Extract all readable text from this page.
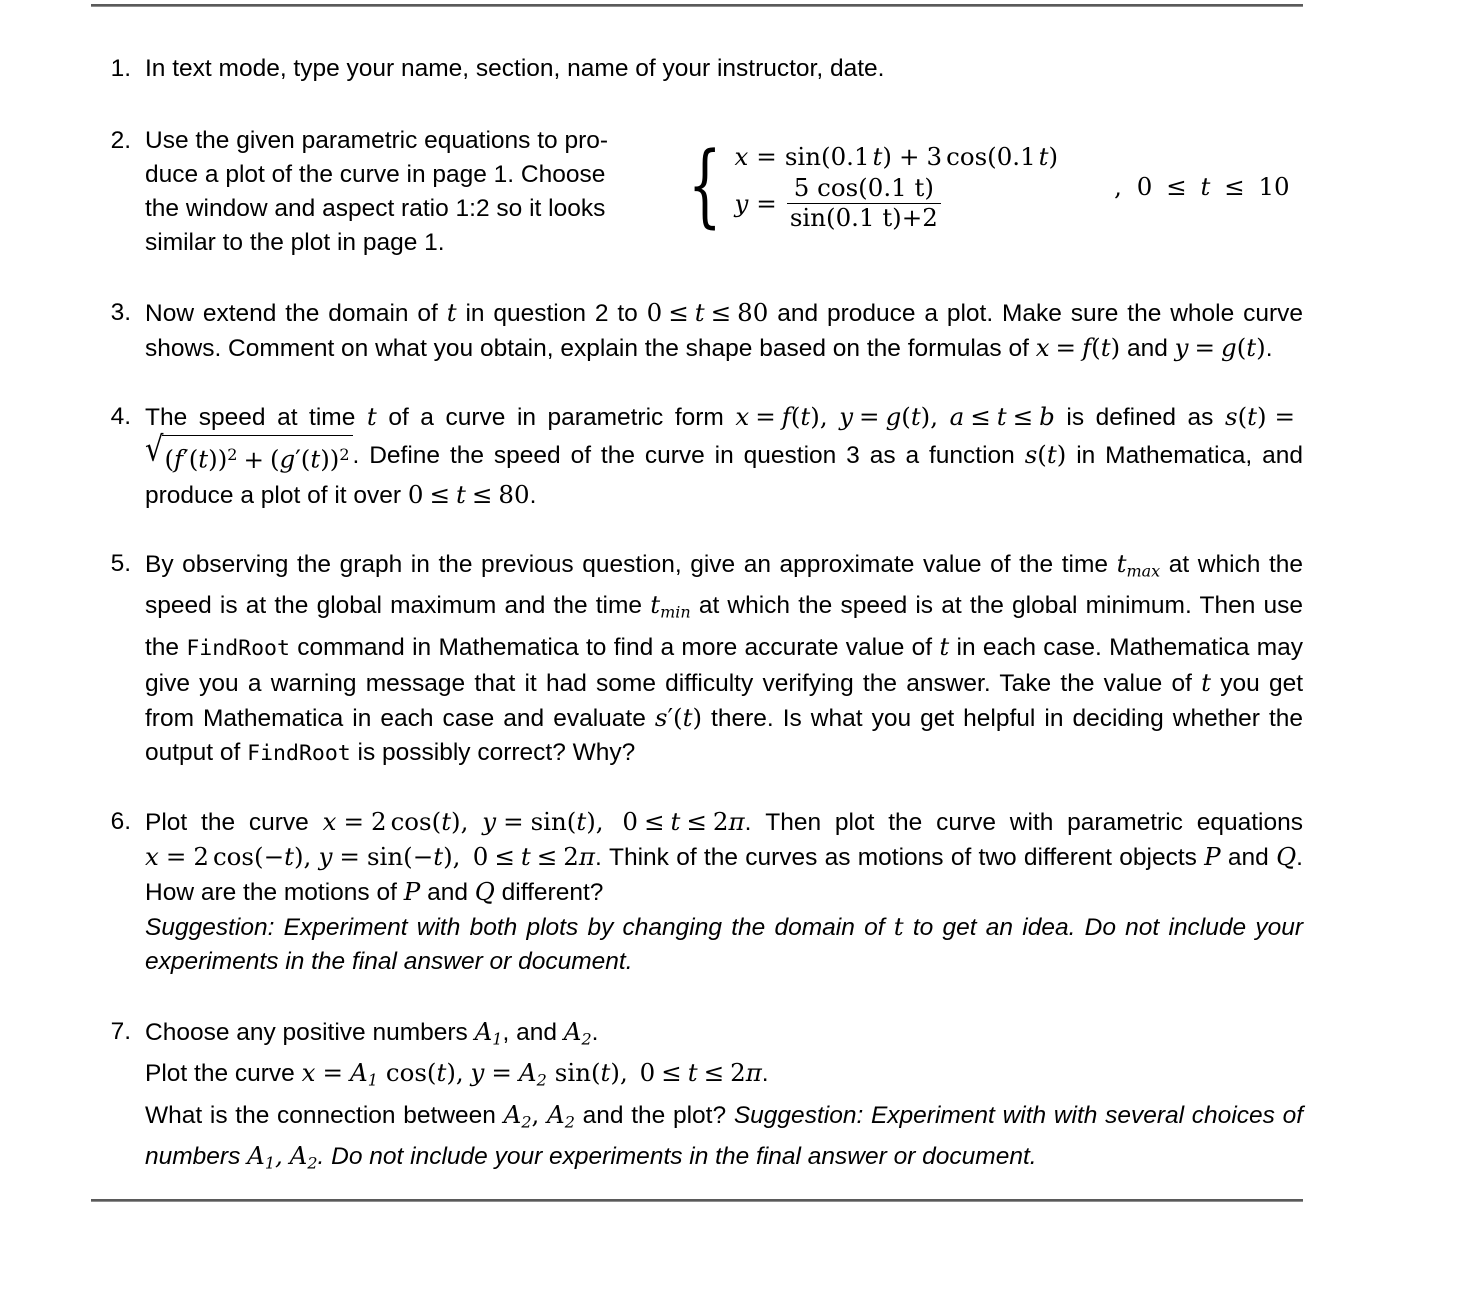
1. In text mode, type your name, section, name of your instructor, date.
2. Use the given parametric equations to pro-
duce a plot of the curve in page 1. Choose
the window and aspect ratio 1:2 so it looks
similar to the plot in page 1.
{ x = sin ( 0.1 t ) + 3 cos ( 0.1 t )
$y = \frac{5 \cos(0.1 t)}{\sin(0.1 t)+2}$	, 0 ≤ t ≤ 10
3. Now extend the domain of t in question 2 to 0 ≤ t ≤ 80 and produce a plot. Make sure the whole curve shows. Comment on what you obtain, explain the shape based on the formulas of x = f(t) and y = g(t).
4. The speed at time t of a curve in parametric form x = f(t), y = g(t), a ≤ t ≤ b is defined as s(t) =
√ $(f'(t))^2 + (g'(t))^2$ . Define the speed of the curve in question 3 as a function s(t) in Mathematica, and produce a plot of it over 0 ≤ t ≤ 80.
5. By observing the graph in the previous question, give an approximate value of the time $t_{max}$ at which the speed is at the global maximum and the time $t_{min}$ at which the speed is at the global minimum. Then use the FindRoot command in Mathematica to find a more accurate value of t in each case. Mathematica may give you a warning message that it had some difficulty verifying the answer. Take the value of t you get from Mathematica in each case and evaluate s′(t) there. Is what you get helpful in deciding whether the output of FindRoot is possibly correct? Why?
6. Plot the curve x = 2 cos(t), y = sin(t), 0 ≤ t ≤ 2π. Then plot the curve with parametric equations x = 2 cos(−t), y = sin(−t), 0 ≤ t ≤ 2π. Think of the curves as motions of two different objects P and Q. How are the motions of P and Q different?
Suggestion: Experiment with both plots by changing the domain of t to get an idea. Do not include your experiments in the final answer or document.
7. Choose any positive numbers $A_1$, and $A_2$.
Plot the curve $x = A_1$ cos(t), $y = A_2$ sin(t), 0 ≤ t ≤ 2π.
What is the connection between $A_2$, $A_2$ and the plot? Suggestion: Experiment with with several choices of numbers $A_1$, $A_2$. Do not include your experiments in the final answer or document.
